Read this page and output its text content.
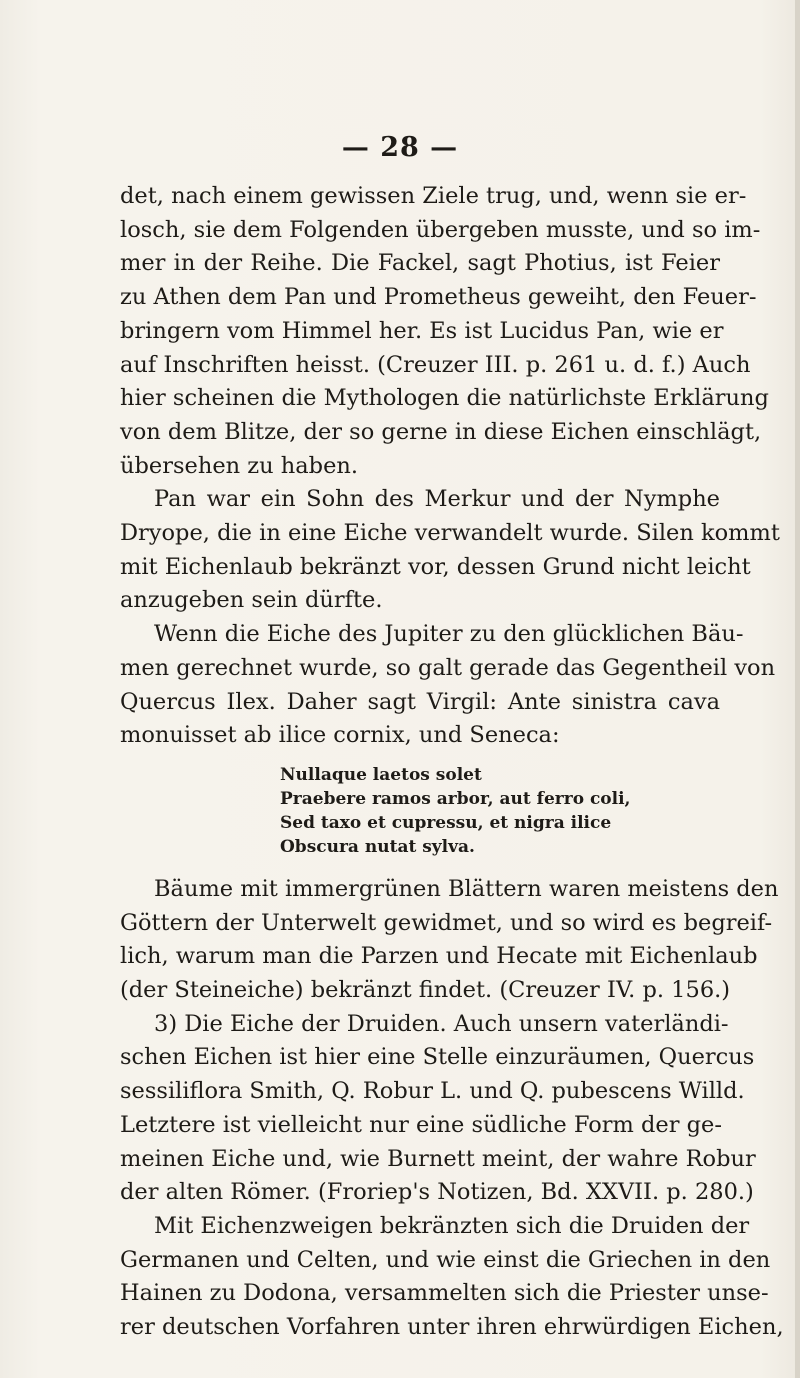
— 28 —
det, nach einem gewissen Ziele trug, und, wenn sie er-
losch, sie dem Folgenden übergeben musste, und so im-
mer in der Reihe. Die Fackel, sagt Photius, ist Feier
zu Athen dem Pan und Prometheus geweiht, den Feuer-
bringern vom Himmel her. Es ist Lucidus Pan, wie er
auf Inschriften heisst. (Creuzer III. p. 261 u. d. f.) Auch
hier scheinen die Mythologen die natürlichste Erklärung
von dem Blitze, der so gerne in diese Eichen einschlägt,
übersehen zu haben.
Pan war ein Sohn des Merkur und der Nymphe
Dryope, die in eine Eiche verwandelt wurde. Silen kommt
mit Eichenlaub bekränzt vor, dessen Grund nicht leicht
anzugeben sein dürfte.
Wenn die Eiche des Jupiter zu den glücklichen Bäu-
men gerechnet wurde, so galt gerade das Gegentheil von
Quercus Ilex. Daher sagt Virgil: Ante sinistra cava
monuisset ab ilice cornix, und Seneca:
Nullaque laetos solet
Praebere ramos arbor, aut ferro coli,
Sed taxo et cupressu, et nigra ilice
Obscura nutat sylva.
Bäume mit immergrünen Blättern waren meistens den
Göttern der Unterwelt gewidmet, und so wird es begreif-
lich, warum man die Parzen und Hecate mit Eichenlaub
(der Steineiche) bekränzt findet. (Creuzer IV. p. 156.)
3) Die Eiche der Druiden. Auch unsern vaterländi-
schen Eichen ist hier eine Stelle einzuräumen, Quercus
sessiliflora Smith, Q. Robur L. und Q. pubescens Willd.
Letztere ist vielleicht nur eine südliche Form der ge-
meinen Eiche und, wie Burnett meint, der wahre Robur
der alten Römer. (Froriep's Notizen, Bd. XXVII. p. 280.)
Mit Eichenzweigen bekränzten sich die Druiden der
Germanen und Celten, und wie einst die Griechen in den
Hainen zu Dodona, versammelten sich die Priester unse-
rer deutschen Vorfahren unter ihren ehrwürdigen Eichen,
